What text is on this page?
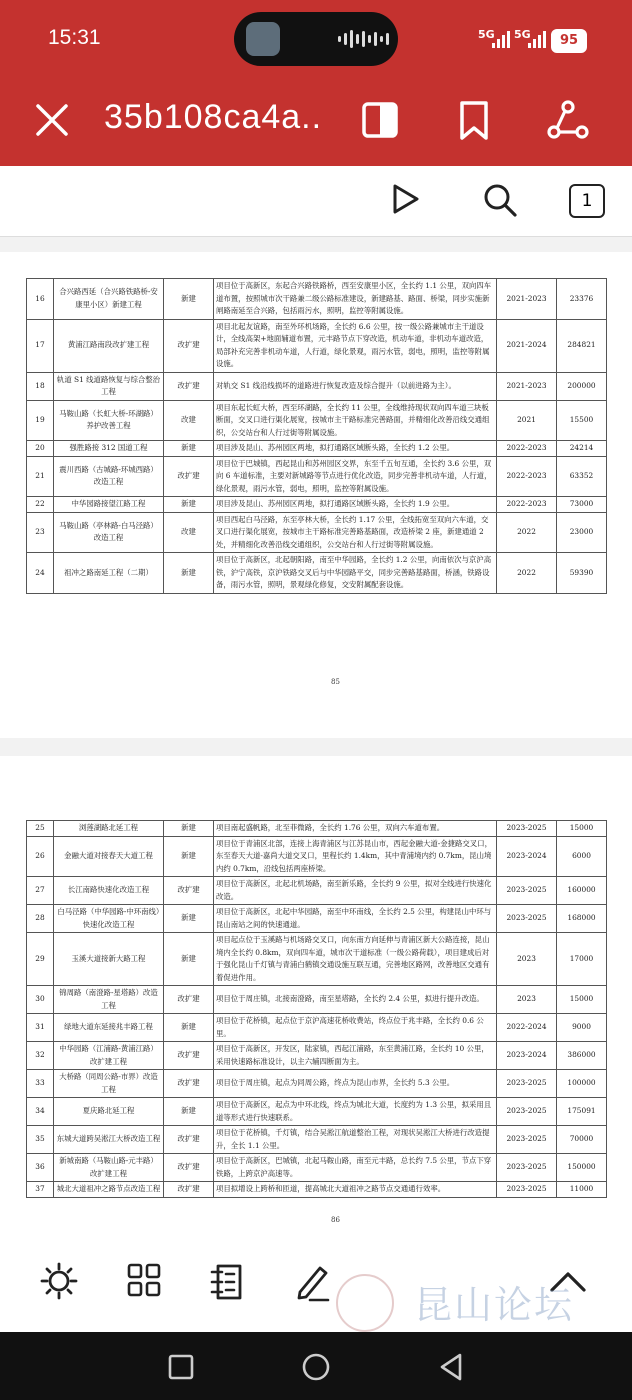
15:31	5G 5G	95
35b108ca4a..
1
16	合兴路西延（合兴路铁路桥-安康里小区）新建工程	新建	项目位于高新区，东起合兴路铁路桥，西至安康里小区，全长约 1.1 公里，双向四车道布置，按照城市次干路兼二级公路标准建设，新建路基、路面、桥梁，同步实施新闸路南延至合兴路，包括雨污水，照明，监控等附属设施。	2021-2023	23376
17	黄浦江路南段改扩建工程	改扩建	项目北起友谊路，南至外环机场路，全长约 6.6 公里，按一级公路兼城市主干道设计，全线高架+地面辅道布置，元丰路节点下穿改造，机动车道，非机动车道改造，局部补充完善非机动车道，人行道，绿化景观，雨污水管，弱电，照明，监控等附属设施。	2021-2024	284821
18	轨道 S1 线道路恢复与综合整治工程	改扩建	对轨交 S1 线沿线损坏的道路进行恢复改造及综合提升（以前进路为主）。	2021-2023	200000
19	马鞍山路（长虹大桥-环湖路）养护改善工程	改建	项目东起长虹大桥，西至环湖路，全长约 11 公里，全线维持现状双向四车道三块板断面，交叉口进行渠化展宽，按城市主干路标准完善路面，并精细化改善沿线交通组织，公交站台和人行过街等附属设施。	2021	15500
20	强胜路接 312 国道工程	新建	项目涉及昆山、苏州园区两地，拟打通路区域断头路，全长约 1.2 公里。	2022-2023	24214
21	震川西路（古城路-环城西路）改造工程	改扩建	项目位于巴城镇，西起昆山和苏州园区交界，东至千五旬互通，全长约 3.6 公里，双向 6 车道标准，主要对新城路等节点进行优化改造，同步完善非机动车道，人行道，绿化景观，雨污水管，弱电，照明，监控等附属设施。	2022-2023	63352
22	中华园路接望江路工程	新建	项目涉及昆山、苏州园区两地，拟打通路区域断头路，全长约 1.9 公里。	2022-2023	73000
23	马鞍山路（亭林路-白马泾路）改造工程	改建	项目西起白马泾路，东至亭林大桥，全长约 1.17 公里，全线拓宽至双向六车道，交叉口进行渠化展宽，按城市主干路标准完善路基路面，改造桥梁 2 座，新建通道 2 处，并精细化改善沿线交通组织，公交站台和人行过街等附属设施。	2022	23000
24	祖冲之路南延工程（二期）	新建	项目位于高新区，北起朝阳路，南至中华园路，全长约 1.2 公里，向南依次与京沪高铁，沪宁高铁，京沪铁路交叉后与中华园路平交，同步完善路基路面，桥涵，铁路设备，雨污水管，照明，景观绿化修复，交安附属配套设施。	2022	59390
85
25	浏莲湖路北延工程	新建	项目南起盛帆路，北至菲微路，全长约 1.76 公里，双向六车道布置。	2023-2025	15000
26	金融大道对接春天大道工程	新建	项目位于青浦区北部，连接上海青浦区与江苏昆山市，西起金融大道-金捷路交叉口，东至春天大道-嘉尚大道交叉口，里程长约 1.4km，其中青浦境内约 0.7km，昆山境内约 0.7km，沿线包括两座桥梁。	2023-2024	6000
27	长江南路快速化改造工程	改扩建	项目位于高新区，北起北机场路，南至新乐路，全长约 9 公里，拟对全线进行快速化改造。	2023-2025	160000
28	白马泾路（中华园路-中环南线）快速化改造工程	新建	项目位于高新区，北起中华园路，南至中环南线，全长约 2.5 公里，构建昆山中环与昆山南站之间的快速通道。	2023-2025	168000
29	玉溪大道接新大路工程	新建	项目起点位于玉溪路与机场路交叉口，向东南方向延伸与青浦区新大公路连接，昆山境内全长约 0.8km，双向四车道，城市次干道标准（一级公路荷载），项目建成后对于强化昆山千灯镇与青浦白鹤镇交通设施互联互通，完善地区路网，改善地区交通有着促进作用。	2023	17000
30	锦周路（南澄路-星塔路）改造工程	改扩建	项目位于周庄镇，北接南澄路，南至星塔路，全长约 2.4 公里，拟进行提升改造。	2023	15000
31	绿地大道东延接兆丰路工程	新建	项目位于花桥镇，起点位于京沪高速花桥收费站，终点位于兆丰路，全长约 0.6 公里。	2022-2024	9000
32	中华园路（江浦路-黄浦江路）改扩建工程	改扩建	项目位于高新区，开发区，陆家镇，西起江浦路，东至黄浦江路，全长约 10 公里，采用快速路标准设计，以主六辅四断面为主。	2023-2024	386000
33	大桥路（同周公路-市界）改造工程	改扩建	项目位于周庄镇，起点为同周公路，终点为昆山市界，全长约 5.3 公里。	2023-2025	100000
34	夏庆路北延工程	新建	项目位于高新区，起点为中环北线，终点为城北大道，长度约为 1.3 公里，拟采用且道等形式进行快速联系。	2023-2025	175091
35	东城大道跨吴淞江大桥改造工程	改扩建	项目位于花桥镇，千灯镇，结合吴淞江航道整治工程，对现状吴淞江大桥进行改造提升，全长 1.1 公里。	2023-2025	70000
36	新城南路（马鞍山路-元丰路）改扩建工程	改扩建	项目位于高新区，巴城镇，北起马鞍山路，南至元丰路，总长约 7.5 公里，节点下穿铁路，上跨京沪高速等。	2023-2025	150000
37	城北大道祖冲之路节点改造工程	改扩建	项目拟增设上跨桥和匝道，提高城北大道祖冲之路节点交通通行效率。	2023-2025	11000
86
昆山论坛
